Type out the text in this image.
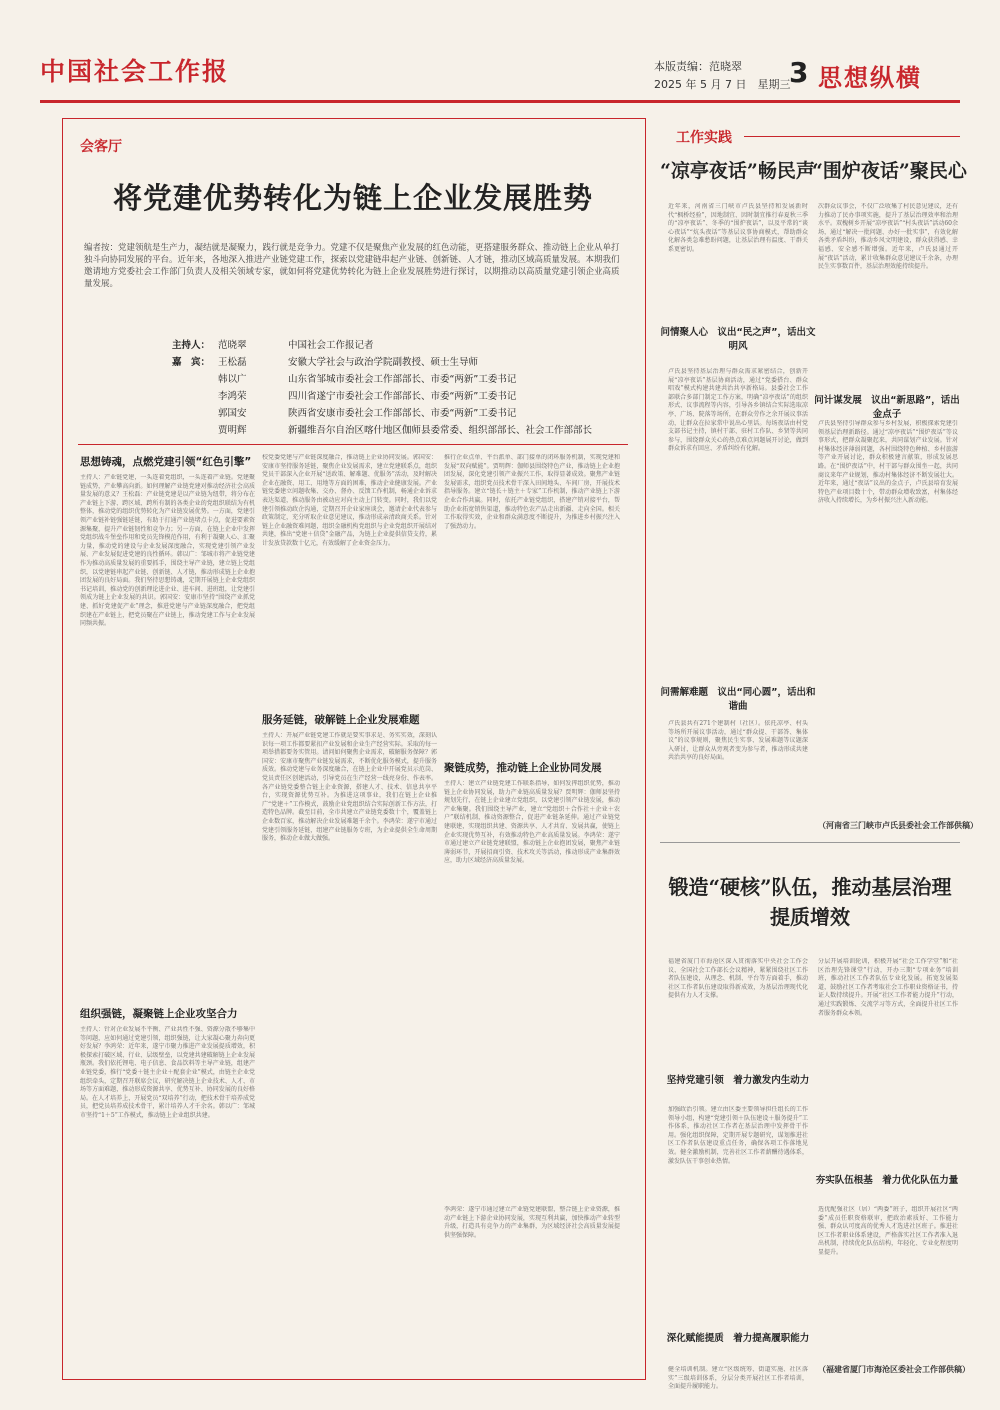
中国社会工作报	本版责编：范晓翠
2025 年 5 月 7 日　星期三
3 思想纵横
会客厅
将党建优势转化为链上企业发展胜势
编者按：党建领航是生产力，凝结就是凝聚力，践行就是竞争力。党建不仅是聚焦产业发展的红色动能，更搭建服务群众、推动链上企业从单打独斗向协同发展的平台。近年来，各地深入推进产业链党建工作，探索以党建链串起产业链、创新链、人才链，推动区域高质量发展。本期我们邀请地方党委社会工作部门负责人及相关领域专家，就如何将党建优势转化为链上企业发展胜势进行探讨，以期推动以高质量党建引领企业高质量发展。
主持人： 范晓翠	中国社会工作报记者
嘉　宾： 王松磊	安徽大学社会与政治学院副教授、硕士生导师
韩以广	山东省邹城市委社会工作部部长、市委“两新”工委书记
李鸿荣	四川省遂宁市委社会工作部部长、市委“两新”工委书记
郭国安	陕西省安康市委社会工作部部长、市委“两新”工委书记
贾明辉	新疆维吾尔自治区喀什地区伽师县委常委、组织部部长、社会工作部部长
思想铸魂，点燃党建引领“红色引擎”
主持人：产业链党建，一头连着党组织，一头连着产业链。党建聚链成势，产业攀高向新。如何理解产业链党建对推动经济社会高质量发展的意义？王松磊：产业链党建是以产业链为纽带，将分布在产业链上下游、跨区域、跨所有制的各类企业的党组织联结为有机整体，推动党的组织优势转化为产业链发展优势。一方面，党建引领产业链补链强链延链，有助于打通产业链堵点卡点，促进要素资源集聚，提升产业链韧性和竞争力；另一方面，在链上企业中发挥党组织战斗堡垒作用和党员先锋模范作用，有利于凝聚人心、汇聚力量，推动党的建设与企业发展深度融合，实现党建引领产业发展、产业发展促进党建的良性循环。韩以广：邹城市将产业链党建作为推动高质量发展的重要抓手，围绕主导产业链，建立链上党组织，以党建链串起产业链、创新链、人才链，推动形成链上企业抱团发展的良好局面。我们坚持思想铸魂，定期开展链上企业党组织书记培训，推动党的创新理论进企业、进车间、进班组，让党建引领成为链上企业发展的共识。郭国安：安康市坚持“围绕产业抓党建、抓好党建促产业”理念，推进党建与产业链深度融合，把党组织建在产业链上，把党员聚在产业链上，推动党建工作与企业发展同频共振。
组织强链，凝聚链上企业攻坚合力
主持人：针对企业发展不平衡、产业共性不强、资源分散不够集中等问题，应如何通过党建引领，组织强链，让大家凝心聚力奔向更好发展？李鸿荣：近年来，遂宁市聚力推进产业发展提质增效，积极探索打破区域、行业、层级壁垒，以党建共建破解链上企业发展瓶颈。我们依托锂电、电子信息、食品饮料等主导产业链，组建产业链党委，推行“党委＋链主企业＋配套企业”模式，由链主企业党组织牵头，定期召开联席会议，研究解决链上企业技术、人才、市场等方面难题，推动形成资源共享、优势互补、协同发展的良好格局。在人才培养上，开展党员“双培养”行动，把技术骨干培养成党员，把党员培养成技术骨干，累计培养人才千余名。韩以广：邹城市坚持“1＋5”工作模式，推动链上企业组织共建。
校党委党建与产业链深度融合，推动链上企业协同发展。郭国安：安康市坚持服务延链，聚焦企业发展需求，建立党建联系点，组织党员干部深入企业开展“送政策、解难题、优服务”活动，及时解决企业在融资、用工、用地等方面的困难，推动企业健康发展。产业链党委建立问题收集、交办、督办、反馈工作机制，畅通企业诉求表达渠道，推动服务由被动应对向主动上门转变。同时，我们以党建引领推动政企沟通，定期召开企业家座谈会，邀请企业代表参与政策制定，充分听取企业意见建议，推动形成亲清政商关系。针对链上企业融资难问题，组织金融机构党组织与企业党组织开展结对共建，推出“党建＋信贷”金融产品，为链上企业提供信贷支持，累计发放贷款数十亿元，有效缓解了企业资金压力。
服务延链，破解链上企业发展难题
主持人：开展产业链党建工作就是要实事求是、务实实效，深刻认识每一项工作都要紧扣产业发展和企业生产经营实际。采取的每一项举措都要务实管用。请问如何聚焦企业需求，破解服务保障？郭国安：安康市聚焦产业链发展需求，不断优化服务模式，提升服务质效。推动党建与业务深度融合，在链上企业中开展党员示范岗、党员责任区创建活动，引导党员在生产经营一线亮身份、作表率。各产业链党委整合链上企业资源，搭建人才、技术、信息共享平台，实现资源优势互补。为推进这项事业，我们在链上企业推广“党建＋”工作模式，鼓励企业党组织结合实际创新工作方法，打造特色品牌。截至目前，全市共建立产业链党委数十个，覆盖链上企业数百家，推动解决企业发展难题千余个。李鸿荣：遂宁市通过党建引领服务延链，组建产业链服务专班，为企业提供全生命周期服务，推动企业做大做强。
推行企业点单、平台派单、部门接单的闭环服务机制，实现党建和发展“双向赋能”。贾明辉：伽师县围绕特色产业，推动链上企业抱团发展，深化党建引领产业振兴工作，取得显著成效。聚焦产业链发展需求，组织党员技术骨干深入田间地头、车间厂房，开展技术指导服务。建立“链长＋链主＋专家”工作机制，推动产业链上下游企业合作共赢。同时，依托产业链党组织，搭建产销对接平台，帮助企业拓宽销售渠道，推动特色农产品走出新疆、走向全国。相关工作取得实效，企业和群众满意度不断提升，为推进乡村振兴注入了强劲动力。
聚链成势，推动链上企业协同发展
主持人：建立产业链党建工作联系指导，如何发挥组织优势，推动链上企业协同发展，助力产业链高质量发展？贾明辉：伽师县坚持规划先行，在链上企业建立党组织，以党建引领产业链发展，推动产业集聚。我们围绕主导产业，建立“党组织＋合作社＋企业＋农户”联结机制，推动资源整合，促进产业链条延伸。通过产业链党建联建，实现组织共建、资源共享、人才共育、发展共赢，使链上企业实现优势互补，有效推动特色产业高质量发展。李鸿荣：遂宁市通过建立产业链党建联盟，推动链上企业抱团发展，聚焦产业链薄弱环节，开展招商引资、技术攻关等活动，推动形成产业集群效应，助力区域经济高质量发展。
李鸿荣：遂宁市通过建立产业链党建联盟，整合链上企业资源，推动产业链上下游企业协同发展，实现互利共赢，加快推动产业转型升级，打造具有竞争力的产业集群，为区域经济社会高质量发展提供坚强保障。
工作实践
“凉亭夜话”畅民声
“围炉夜话”聚民心
近年来，河南省三门峡市卢氏县坚持和发展新时代“枫桥经验”，因地制宜、因时制宜推行春夏秋三季的“凉亭夜话”、冬季的“围炉夜话”，以及平常的“谈心夜话”“炕头夜话”等基层议事协商模式，帮助群众化解各类急难愁盼问题，让基层治理有温度、干群关系更密切。
问情聚人心　议出“民之声”，话出文明风
卢氏县坚持基层治理与群众需求紧密结合，创新开展“凉亭夜话”基层协商活动，通过“党委搭台、群众唱戏”模式构建共建共治共享新格局。县委社会工作部联合多部门制定工作方案，明确“凉亭夜话”的组织形式、议事流程等内容，引导各乡镇结合实际选取凉亭、广场、院落等场所，在群众劳作之余开展议事活动，让群众在拉家常中说出心里话。每场夜话由村党支部书记主持，镇村干部、驻村工作队、乡贤等共同参与，围绕群众关心的热点难点问题展开讨论，做到群众诉求有回应、矛盾纠纷有化解。
问需解难题　议出“同心圆”，话出和谐曲
卢氏县共有271个建制村（社区）。依托凉亭、村头等场所开展议事活动，通过“群众提、干部答、集体议”的议事规则，聚焦民生实事、发展难题等议题深入研讨，让群众从旁观者变为参与者，推动形成共建共治共享的良好局面。
次群众议事会，不仅广泛收集了村民意见建议，还有力推动了民办事项实施，提升了基层治理效率和治理水平。双槐树乡开展“凉亭夜话”“村头夜话”活动60余场，通过“解决一批问题、办好一批实事”，有效化解各类矛盾纠纷，推动乡风文明建设，群众获得感、幸福感、安全感不断增强。近年来，卢氏县通过开展“夜话”活动，累计收集群众意见建议千余条，办理民生实事数百件，基层治理效能持续提升。
问计谋发展　议出“新思路”，话出金点子
卢氏县坚持引导群众参与乡村发展，积极探索党建引领基层治理新路径。通过“凉亭夜话”“围炉夜话”等议事形式，把群众凝聚起来，共同谋划产业发展。针对村集体经济薄弱问题，各村围绕特色种植、乡村旅游等产业开展讨论，群众积极建言献策，形成发展思路。在“围炉夜话”中，村干部与群众围坐一起，共同商议来年产业规划，推动村集体经济不断发展壮大。近年来，通过“夜话”议出的金点子，卢氏县培育发展特色产业项目数十个，带动群众增收致富，村集体经济收入持续增长，为乡村振兴注入新动能。
（河南省三门峡市卢氏县委社会工作部供稿）
锻造“硬核”队伍，推动基层治理提质增效
福建省厦门市海沧区深入贯彻落实中央社会工作会议、全国社会工作部长会议精神，紧紧围绕社区工作者队伍建设，从理念、机制、平台等方面着手，推动社区工作者队伍建设取得新成效，为基层治理现代化提供有力人才支撑。
坚持党建引领　着力激发内生动力
加强政治引领。建立由区委主要领导担任组长的工作领导小组，构建“党建引领＋队伍建设＋服务提升”工作体系，推动社区工作者在基层治理中发挥骨干作用。强化组织保障，定期开展专题研究，谋划推进社区工作者队伍建设重点任务，确保各项工作落地见效。健全激励机制，完善社区工作者薪酬待遇体系，激发队伍干事创业热情。
深化赋能提质　着力提高履职能力
健全培训机制。建立“区级统筹、街道实施、社区落实”三级培训体系，分层分类开展社区工作者培训，全面提升履职能力。
分层开展培训轮训，积极开展“社会工作学堂”和“社区治理先锋课堂”行动，开办三期“专项业务”培训班，推动社区工作者队伍专业化发展。拓宽发展渠道，鼓励社区工作者考取社会工作职业资格证书，持证人数持续提升。开展“社区工作者能力提升”行动，通过实践锻炼、交流学习等方式，全面提升社区工作者服务群众本领。
夯实队伍根基　着力优化队伍力量
选优配强社区（居）“两委”班子，组织开展社区“两委”成员任职资格联审，把政治素质好、工作能力强、群众认可度高的优秀人才选进社区班子。推进社区工作者职业体系建设，严格落实社区工作者准入退出机制，持续优化队伍结构，年轻化、专业化程度明显提升。
（福建省厦门市海沧区委社会工作部供稿）
